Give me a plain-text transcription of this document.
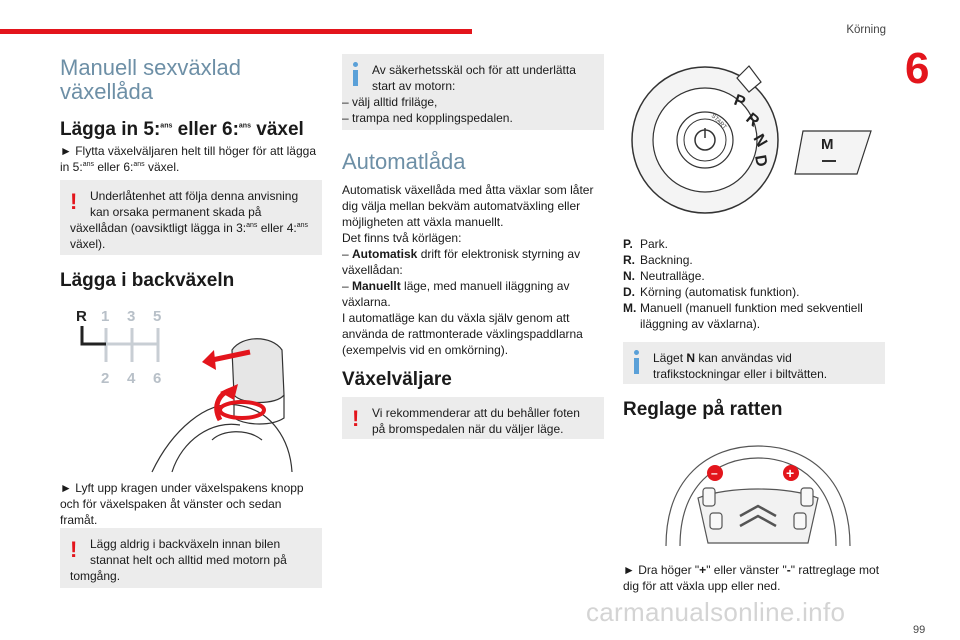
Körning
6
Manuell sexväxlad
växellåda
Lägga in 5:$^{ans}$ eller 6:$^{ans}$ växel
► Flytta växelväljaren helt till höger för att lägga
in 5:$^{ans}$ eller 6:$^{ans}$ växel.
! Underlåtenhet att följa denna anvisning
kan orsaka permanent skada på
växellådan (oavsiktligt lägga in 3:$^{ans}$ eller 4:$^{ans}$
växel).
Lägga i backväxeln
R 1 3 5
2 4 6
► Lyft upp kragen under växelspakens knopp
och för växelspaken åt vänster och sedan
framåt.
! Lägg aldrig i backväxeln innan bilen
stannat helt och alltid med motorn på
tomgång.
Av säkerhetsskäl och för att underlätta
start av motorn:
– välj alltid friläge,
– trampa ned kopplingspedalen.
Automatlåda
Automatisk växellåda med åtta växlar som låter
dig välja mellan bekväm automatväxling eller
möjligheten att växla manuellt.
Det finns två körlägen:
– Automatisk drift för elektronisk styrning av
växellådan:
– Manuellt läge, med manuell iläggning av
växlarna.
I automatläge kan du växla själv genom att
använda de rattmonterade växlingspaddlarna
(exempelvis vid en omkörning).
Växelväljare
! Vi rekommenderar att du behåller foten
på bromspedalen när du väljer läge.
P
R
N
D
START
M
P. Park.
R. Backning.
N. Neutralläge.
D. Körning (automatisk funktion).
M. Manuell (manuell funktion med sekventiell
iläggning av växlarna).
Läget N kan användas vid
trafikstockningar eller i biltvätten.
Reglage på ratten
–	+
► Dra höger "+" eller vänster "-" rattreglage mot
dig för att växla upp eller ned.
carmanualsonline.info
99
